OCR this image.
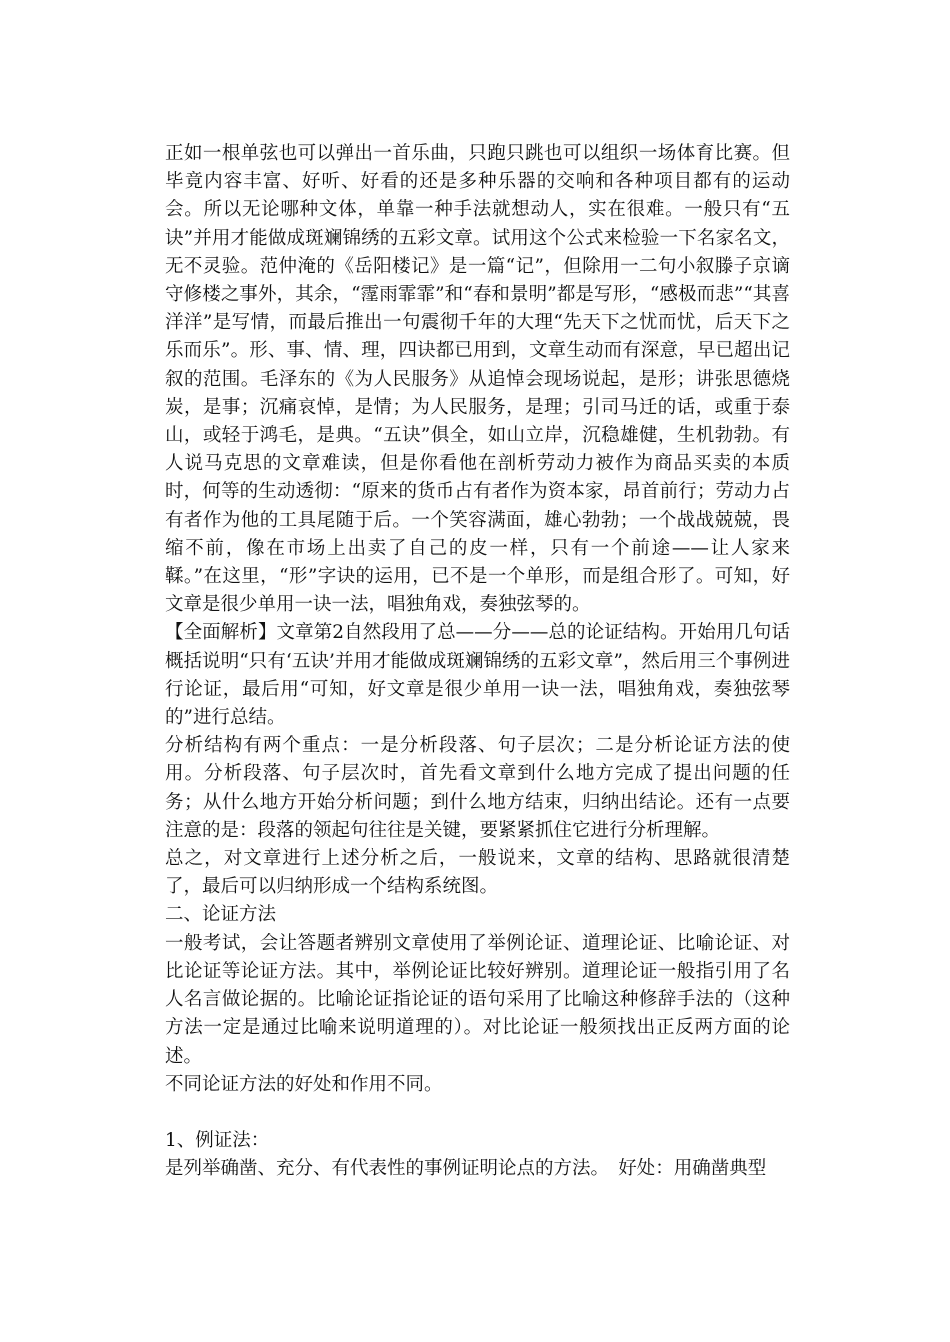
正如一根单弦也可以弹出一首乐曲，只跑只跳也可以组织一场体育比赛。但毕竟内容丰富、好听、好看的还是多种乐器的交响和各种项目都有的运动会。所以无论哪种文体，单靠一种手法就想动人，实在很难。一般只有“五诀”并用才能做成斑斓锦绣的五彩文章。试用这个公式来检验一下名家名文，无不灵验。范仲淹的《岳阳楼记》是一篇“记”，但除用一二句小叙滕子京谪守修楼之事外，其余，“霪雨霏霏”和“春和景明”都是写形，“感极而悲”“其喜洋洋”是写情，而最后推出一句震彻千年的大理“先天下之忧而忧，后天下之乐而乐”。形、事、情、理，四诀都已用到，文章生动而有深意，早已超出记叙的范围。毛泽东的《为人民服务》从追悼会现场说起，是形；讲张思德烧炭，是事；沉痛哀悼，是情；为人民服务，是理；引司马迁的话，或重于泰山，或轻于鸿毛，是典。“五诀”俱全，如山立岸，沉稳雄健，生机勃勃。有人说马克思的文章难读，但是你看他在剖析劳动力被作为商品买卖的本质时，何等的生动透彻：“原来的货币占有者作为资本家，昂首前行；劳动力占有者作为他的工具尾随于后。一个笑容满面，雄心勃勃；一个战战兢兢，畏缩不前，像在市场上出卖了自己的皮一样，只有一个前途——让人家来鞣。”在这里，“形”字诀的运用，已不是一个单形，而是组合形了。可知，好文章是很少单用一诀一法，唱独角戏，奏独弦琴的。

【全面解析】文章第2自然段用了总——分——总的论证结构。开始用几句话概括说明“只有‘五诀’并用才能做成斑斓锦绣的五彩文章”，然后用三个事例进行论证，最后用“可知，好文章是很少单用一诀一法，唱独角戏，奏独弦琴的”进行总结。

分析结构有两个重点：一是分析段落、句子层次；二是分析论证方法的使用。分析段落、句子层次时，首先看文章到什么地方完成了提出问题的任务；从什么地方开始分析问题；到什么地方结束，归纳出结论。还有一点要注意的是：段落的领起句往往是关键，要紧紧抓住它进行分析理解。

总之，对文章进行上述分析之后，一般说来，文章的结构、思路就很清楚了，最后可以归纳形成一个结构系统图。

二、论证方法

一般考试，会让答题者辨别文章使用了举例论证、道理论证、比喻论证、对比论证等论证方法。其中，举例论证比较好辨别。道理论证一般指引用了名人名言做论据的。比喻论证指论证的语句采用了比喻这种修辞手法的（这种方法一定是通过比喻来说明道理的）。对比论证一般须找出正反两方面的论述。

不同论证方法的好处和作用不同。

1、例证法：

是列举确凿、充分、有代表性的事例证明论点的方法。　好处：用确凿典型
